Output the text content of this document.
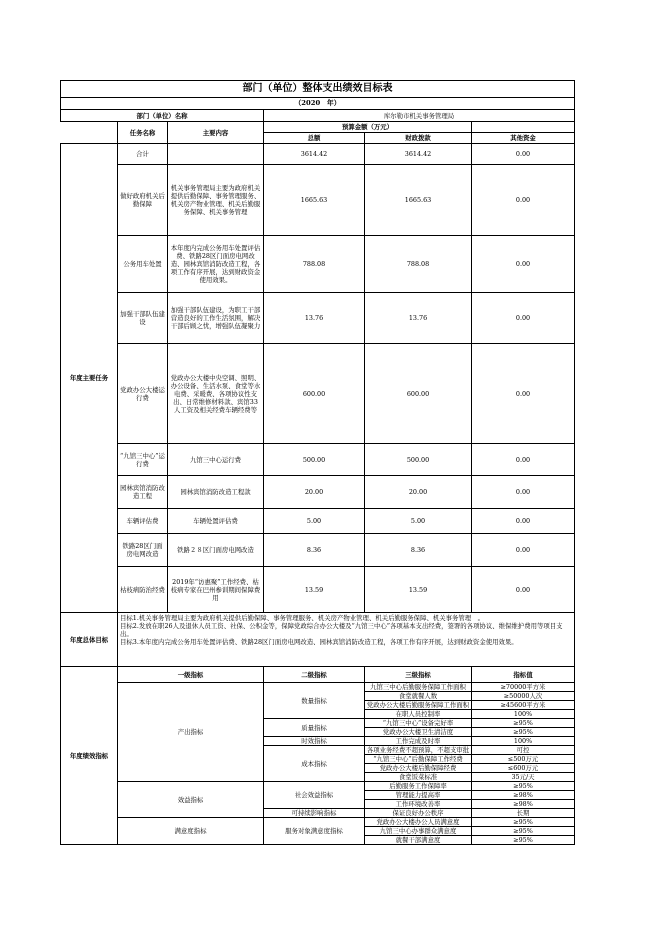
部门（单位）整体支出绩效目标表					
（2020　年）					
部门（单位）名称			库尔勒市机关事务管理局		
	任务名称	主要内容	预算金额（万元）		
			总额	财政拨款	其他资金
年度主要任务	合计		3614.42	3614.42	0.00
	做好政府机关后勤保障	机关事务管理局主要为政府机关提供后勤保障、事务管理服务、机关房产物业管理、机关后勤服务保障、机关事务管理	1665.63	1665.63	0.00
	公务用车处置	本年度内完成公务用车处置评估费、铁路28区门面房电网改造、园林宾馆消防改造工程，各项工作有序开展，达到财政资金使用效果。	788.08	788.08	0.00
	加强干部队伍建设	加强干部队伍建设，为职工干部营造良好的工作生活氛围，解决干部后顾之忧，增强队伍凝聚力	13.76	13.76	0.00
	党政办公大楼运行费	党政办公大楼中央空调、照明、办公设备、生活水泵、食堂等水电费、采暖费、各项协议性支出、日常维修材料款、宾馆33人工资及相关经费车辆经费等	600.00	600.00	0.00
	“九馆三中心”运行费	九馆三中心运行费	500.00	500.00	0.00
	园林宾馆消防改造工程	园林宾馆消防改造工程款	20.00	20.00	0.00
	车辆评估费	车辆处置评估费	5.00	5.00	0.00
	铁路28区门面房电网改造	铁路２８区门面房电网改造	8.36	8.36	0.00
	枯枝病防治经费	2019年“访惠聚”工作经费、枯枝病专家在巴州参训期间保障费用	13.59	13.59	0.00
年度总体目标	目标1.机关事务管理局主要为政府机关提供后勤保障、事务管理服务、机关房产物业管理、机关后勤服务保障、机关事务管理　。
目标2.发放在职26人及退休人员工资、社保、公积金等，保障党政综合办公大楼及“九馆三中心”各项基本支出经费，签署的各项协议、维保维护费用等项目支出。
目标3.本年度内完成公务用车处置评估费、铁路28区门面房电网改造、园林宾馆消防改造工程，各项工作有序开展，达到财政资金使用效果。				

年度绩效指标	一级指标		二级指标	三级指标	指标值
	产出指标		数量指标	九馆三中心后勤服务保障工作面积	≥70000平方米
				食堂就餐人数	≥50000人次
				党政办公大楼后勤服务保障工作面积	≥45600平方米
				在职人员控制率	100%
			质量指标	“九馆三中心”设备完好率	≥95%
				党政办公大楼卫生清洁度	≥95%
			时效指标	工作完成及时率	100%
			成本指标	各项业务经费不超预算，不超支审批	可控
				“九馆三中心”后勤保障工作经费	≤500万元
				党政办公大楼后勤保障经费	≤600万元
				食堂饭菜标准	35元/天
	效益指标		社会效益指标	后勤服务工作保障率	≥95%
				管理能力提高率	≥98%
				工作环境改善率	≥98%
			可持续影响指标	保证良好办公秩序	长期
	满意度指标		服务对象满意度指标	党政办公大楼办公人员满意度	≥95%
				九馆三中心办事群众满意度	≥95%
				就餐干部满意度	≥95%
